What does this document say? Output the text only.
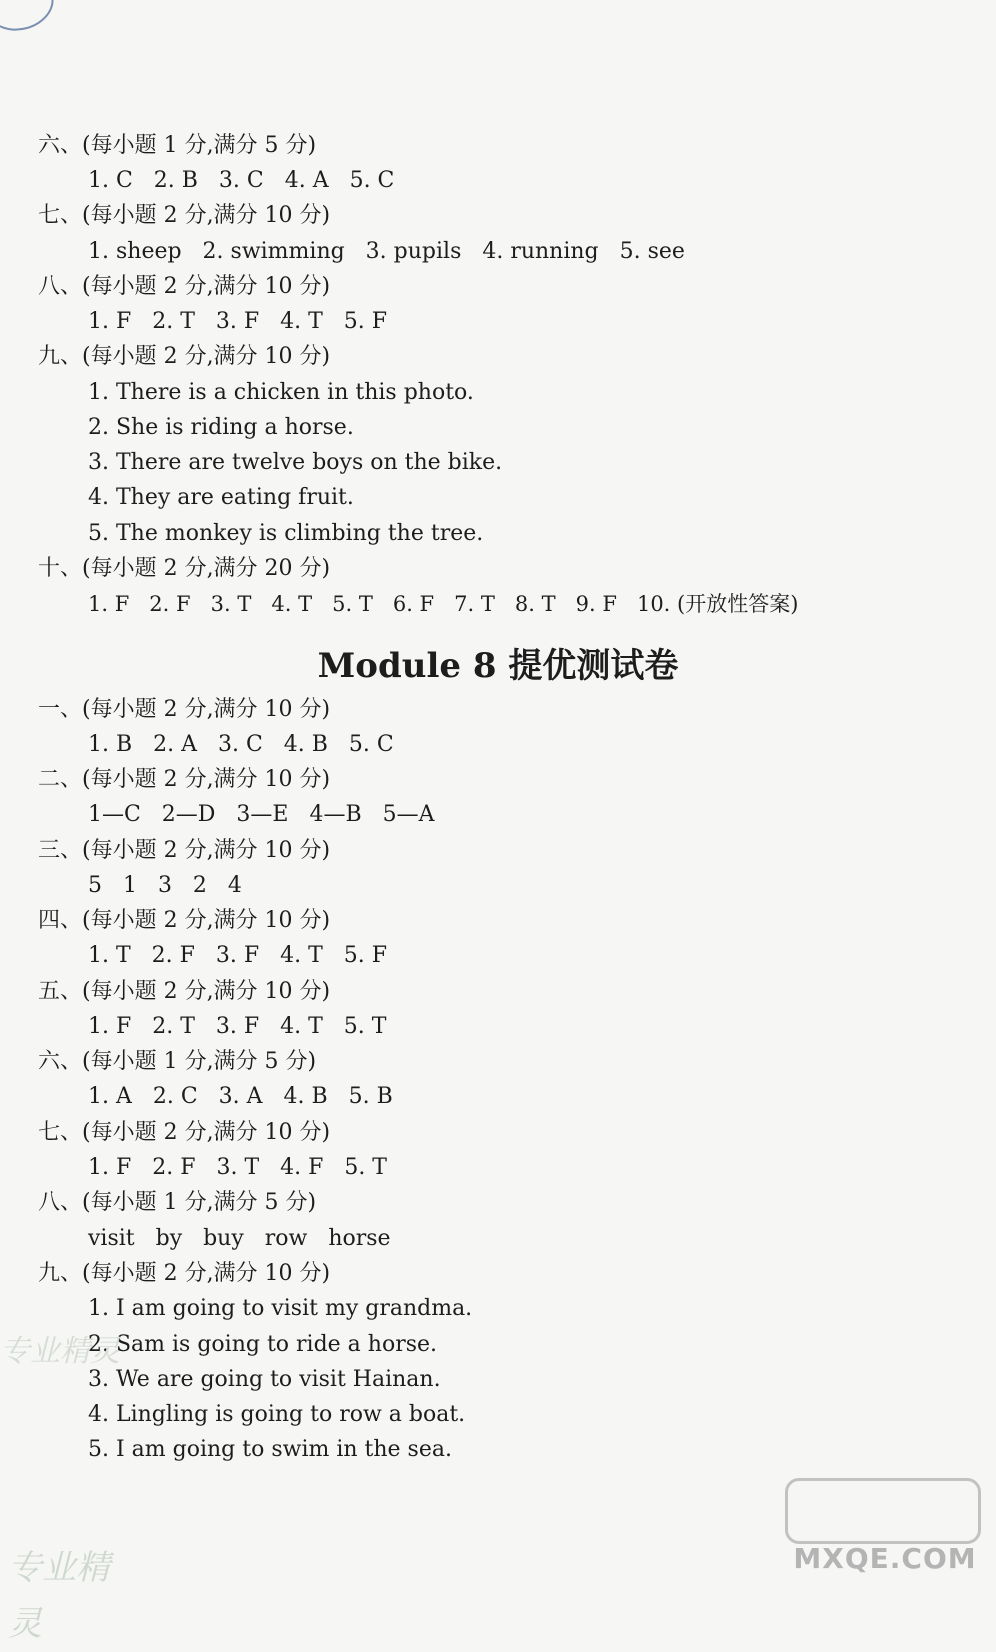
六、(每小题 1 分,满分 5 分)
1. C   2. B   3. C   4. A   5. C
七、(每小题 2 分,满分 10 分)
1. sheep   2. swimming   3. pupils   4. running   5. see
八、(每小题 2 分,满分 10 分)
1. F   2. T   3. F   4. T   5. F
九、(每小题 2 分,满分 10 分)
1. There is a chicken in this photo.
2. She is riding a horse.
3. There are twelve boys on the bike.
4. They are eating fruit.
5. The monkey is climbing the tree.
十、(每小题 2 分,满分 20 分)
1. F   2. F   3. T   4. T   5. T   6. F   7. T   8. T   9. F   10. (开放性答案)
Module 8 提优测试卷
一、(每小题 2 分,满分 10 分)
1. B   2. A   3. C   4. B   5. C
二、(每小题 2 分,满分 10 分)
1—C   2—D   3—E   4—B   5—A
三、(每小题 2 分,满分 10 分)
5   1   3   2   4
四、(每小题 2 分,满分 10 分)
1. T   2. F   3. F   4. T   5. F
五、(每小题 2 分,满分 10 分)
1. F   2. T   3. F   4. T   5. T
六、(每小题 1 分,满分 5 分)
1. A   2. C   3. A   4. B   5. B
七、(每小题 2 分,满分 10 分)
1. F   2. F   3. T   4. F   5. T
八、(每小题 1 分,满分 5 分)
visit   by   buy   row   horse
九、(每小题 2 分,满分 10 分)
1. I am going to visit my grandma.
2. Sam is going to ride a horse.
3. We are going to visit Hainan.
4. Lingling is going to row a boat.
5. I am going to swim in the sea.
专业精灵
专业精灵
MXQE.COM
